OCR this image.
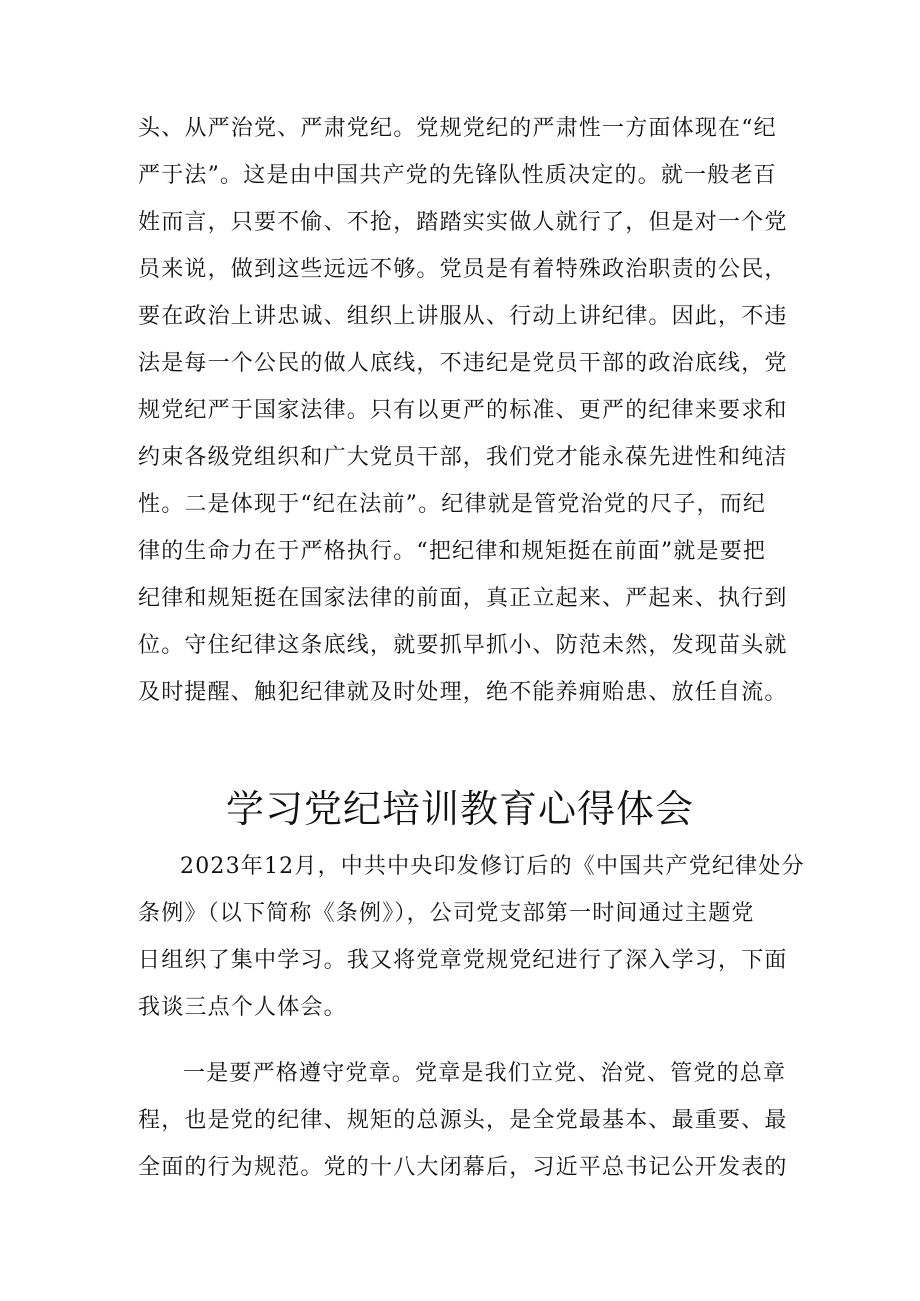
头、从严治党、严肃党纪。党规党纪的严肃性一方面体现在“纪
严于法”。这是由中国共产党的先锋队性质决定的。就一般老百
姓而言，只要不偷、不抢，踏踏实实做人就行了，但是对一个党
员来说，做到这些远远不够。党员是有着特殊政治职责的公民，
要在政治上讲忠诚、组织上讲服从、行动上讲纪律。因此，不违
法是每一个公民的做人底线，不违纪是党员干部的政治底线，党
规党纪严于国家法律。只有以更严的标准、更严的纪律来要求和
约束各级党组织和广大党员干部，我们党才能永葆先进性和纯洁
性。二是体现于“纪在法前”。纪律就是管党治党的尺子，而纪
律的生命力在于严格执行。“把纪律和规矩挺在前面”就是要把
纪律和规矩挺在国家法律的前面，真正立起来、严起来、执行到
位。守住纪律这条底线，就要抓早抓小、防范未然，发现苗头就
及时提醒、触犯纪律就及时处理，绝不能养痈贻患、放任自流。
学习党纪培训教育心得体会
2023年12月，中共中央印发修订后的《中国共产党纪律处分
条例》（以下简称《条例》），公司党支部第一时间通过主题党
日组织了集中学习。我又将党章党规党纪进行了深入学习，下面
我谈三点个人体会。
一是要严格遵守党章。党章是我们立党、治党、管党的总章
程，也是党的纪律、规矩的总源头，是全党最基本、最重要、最
全面的行为规范。党的十八大闭幕后，习近平总书记公开发表的
